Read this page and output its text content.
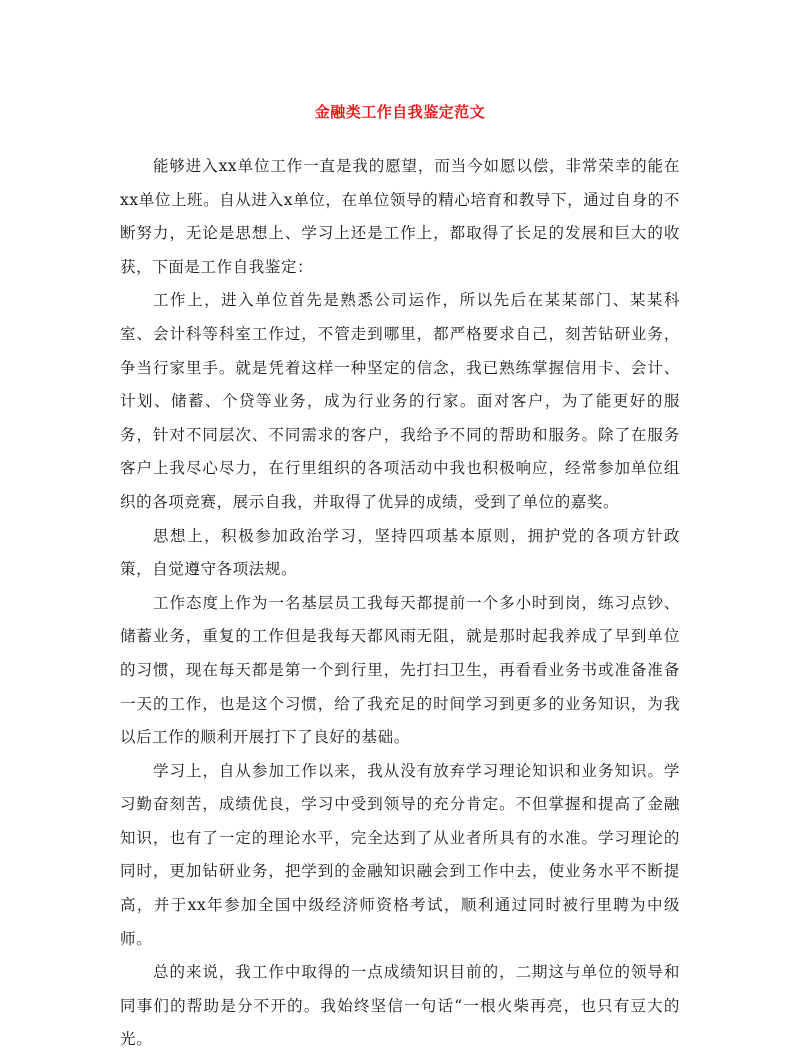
金融类工作自我鉴定范文

能够进入xx单位工作一直是我的愿望，而当今如愿以偿，非常荣幸的能在xx单位上班。自从进入x单位，在单位领导的精心培育和教导下，通过自身的不断努力，无论是思想上、学习上还是工作上，都取得了长足的发展和巨大的收获，下面是工作自我鉴定：

工作上，进入单位首先是熟悉公司运作，所以先后在某某部门、某某科室、会计科等科室工作过，不管走到哪里，都严格要求自己，刻苦钻研业务，争当行家里手。就是凭着这样一种坚定的信念，我已熟练掌握信用卡、会计、计划、储蓄、个贷等业务，成为行业务的行家。面对客户，为了能更好的服务，针对不同层次、不同需求的客户，我给予不同的帮助和服务。除了在服务客户上我尽心尽力，在行里组织的各项活动中我也积极响应，经常参加单位组织的各项竞赛，展示自我，并取得了优异的成绩，受到了单位的嘉奖。

思想上，积极参加政治学习，坚持四项基本原则，拥护党的各项方针政策，自觉遵守各项法规。

工作态度上作为一名基层员工我每天都提前一个多小时到岗，练习点钞、储蓄业务，重复的工作但是我每天都风雨无阻，就是那时起我养成了早到单位的习惯，现在每天都是第一个到行里，先打扫卫生，再看看业务书或准备准备一天的工作，也是这个习惯，给了我充足的时间学习到更多的业务知识，为我以后工作的顺利开展打下了良好的基础。

学习上，自从参加工作以来，我从没有放弃学习理论知识和业务知识。学习勤奋刻苦，成绩优良，学习中受到领导的充分肯定。不但掌握和提高了金融知识，也有了一定的理论水平，完全达到了从业者所具有的水准。学习理论的同时，更加钻研业务，把学到的金融知识融会到工作中去，使业务水平不断提高，并于xx年参加全国中级经济师资格考试，顺利通过同时被行里聘为中级师。

总的来说，我工作中取得的一点成绩知识目前的，二期这与单位的领导和同事们的帮助是分不开的。我始终坚信一句话“一根火柴再亮，也只有豆大的光。
